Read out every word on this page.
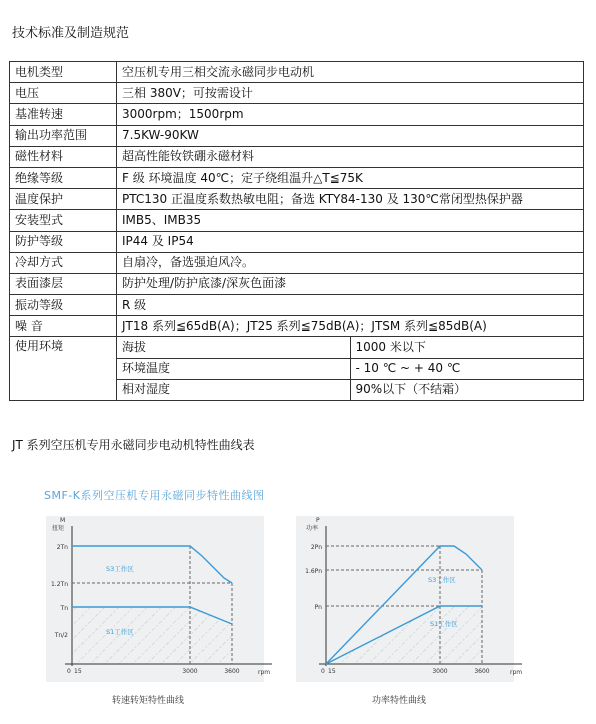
技术标准及制造规范
电机类型	空压机专用三相交流永磁同步电动机	
电压	三相 380V；可按需设计	
基准转速	3000rpm；1500rpm	
输出功率范围	7.5KW-90KW	
磁性材料	超高性能钕铁硼永磁材料	
绝缘等级	F 级 环境温度 40℃；定子绕组温升△T≦75K	
温度保护	PTC130 正温度系数热敏电阻；备选 KTY84-130 及 130℃常闭型热保护器	
安装型式	IMB5、IMB35	
防护等级	IP44 及 IP54	
冷却方式	自扇冷，备选强迫风冷。	
表面漆层	防护处理/防护底漆/深灰色面漆	
振动等级	R 级	
噪 音	JT18 系列≦65dB(A)；JT25 系列≦75dB(A)；JTSM 系列≦85dB(A)	
使用环境	海拔	1000 米以下
	环境温度	- 10 ℃ ~ + 40 ℃
	相对湿度	90%以下（不结霜）
JT 系列空压机专用永磁同步电动机特性曲线表
SMF-K系列空压机专用永磁同步特性曲线图
M
扭矩
2Tn
1.2Tn
Tn
Tn/2
0 15	3000	3600	rpm
S3工作区
S1工作区
转速转矩特性曲线
P
功率
2Pn
1.6Pn
Pn
0 15	3000	3600	rpm
S3工作区
S1工作区
功率特性曲线
